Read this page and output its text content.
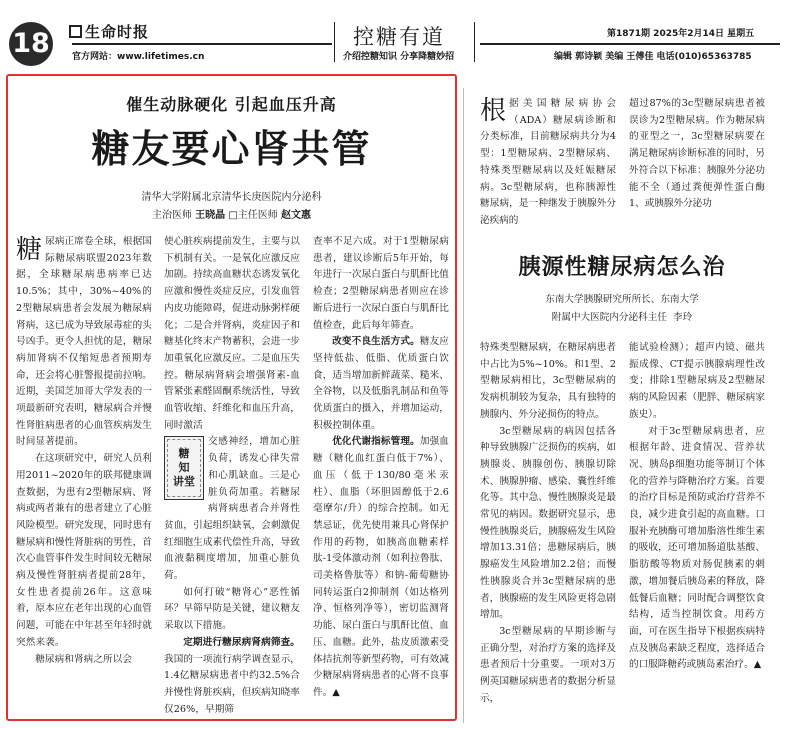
18	生命时报
官方网站：www.lifetimes.cn
控糖有道
介绍控糖知识 分享降糖妙招
第1871期 2025年2月14日 星期五
编辑 郭诗颖 美编 王傅佳 电话(010)65363785
催生动脉硬化 引起血压升高
糖友要心肾共管
清华大学附属北京清华长庚医院内分泌科
主治医师 王晓晶 □主任医师 赵文惠
糖尿病正席卷全球，根据国际糖尿病联盟2023年数据，全球糖尿病患病率已达10.5%；其中，30%~40%的2型糖尿病患者会发展为糖尿病肾病，这已成为导致尿毒症的头号凶手。更令人担忧的是，糖尿病加肾病不仅缩短患者预期寿命，还会将心脏警报提前拉响。近期，美国芝加哥大学发表的一项最新研究表明，糖尿病合并慢性肾脏病患者的心血管疾病发生时间显著提前。
在这项研究中，研究人员利用2011~2020年的联邦健康调查数据，为患有2型糖尿病、肾病或两者兼有的患者建立了心脏风险模型。研究发现，同时患有糖尿病和慢性肾脏病的男性，首次心血管事件发生时间较无糖尿病及慢性肾脏病者提前28年，女性患者提前26年。这意味着，原本应在老年出现的心血管问题，可能在中年甚至年轻时就突然来袭。
糖尿病和肾病之所以会
使心脏疾病提前发生，主要与以下机制有关。一是氧化应激反应加剧。持续高血糖状态诱发氧化应激和慢性炎症反应，引发血管内皮功能障碍，促进动脉粥样硬化；二是合并肾病，炎症因子和糖基化终末产物蓄积，会进一步加重氧化应激反应。二是血压失控。糖尿病肾病会增强肾素-血管紧张素醛固酮系统活性，导致血管收缩、纤维化和血压升高，同时激活
糖
知
讲堂
交感神经，增加心脏负荷，诱发心律失常和心肌缺血。三是心脏负荷加重。若糖尿病肾病患者合并肾性贫血，引起组织缺氧，会刺激促红细胞生成素代偿性升高，导致血液黏稠度增加，加重心脏负荷。
如何打破“糖肾心”恶性循环？早筛早防是关键，建议糖友采取以下措施。
定期进行糖尿病肾病筛查。我国的一项流行病学调查显示，1.4亿糖尿病患者中约32.5%合并慢性肾脏疾病，但疾病知晓率仅26%，早期筛
查率不足六成。对于1型糖尿病患者，建议诊断后5年开始，每年进行一次尿白蛋白与肌酐比值检查；2型糖尿病患者则应在诊断后进行一次尿白蛋白与肌酐比值检查，此后每年筛查。
改变不良生活方式。糖友应坚持低盐、低脂、优质蛋白饮食，适当增加新鲜蔬菜、糙米、全谷物，以及低脂乳制品和鱼等优质蛋白的摄入，并增加运动，积极控制体重。
优化代谢指标管理。加强血糖（糖化血红蛋白低于7%）、血压（低于130/80毫米汞柱）、血脂（坏胆固醇低于2.6毫摩尔/升）的综合控制。如无禁忌证，优先使用兼具心肾保护作用的药物，如胰高血糖素样肽-1受体激动剂（如利拉鲁肽、司美格鲁肽等）和钠-葡萄糖协同转运蛋白2抑制剂（如达格列净、恒格列净等），密切监测肾功能、尿白蛋白与肌酐比值、血压、血糖。此外，盐皮质激素受体拮抗剂等新型药物，可有效减少糖尿病肾病患者的心肾不良事件。▲
根据美国糖尿病协会（ADA）糖尿病诊断和分类标准，目前糖尿病共分为4型：1型糖尿病、2型糖尿病、特殊类型糖尿病以及妊娠糖尿病。3c型糖尿病，也称胰源性糖尿病，是一种继发于胰腺外分泌疾病的
超过87%的3c型糖尿病患者被误诊为2型糖尿病。作为糖尿病的亚型之一，3c型糖尿病要在满足糖尿病诊断标准的同时，另外符合以下标准：胰腺外分泌功能不全（通过粪便弹性蛋白酶1、或胰腺外分泌功
胰源性糖尿病怎么治
东南大学胰腺研究所所长、东南大学
附属中大医院内分泌科主任 李玲
特殊类型糖尿病，在糖尿病患者中占比为5%~10%。和1型、2型糖尿病相比，3c型糖尿病的发病机制较为复杂，具有独特的胰腺内、外分泌损伤的特点。
3c型糖尿病的病因包括各种导致胰腺广泛损伤的疾病，如胰腺炎、胰腺创伤、胰腺切除术、胰腺肿瘤、感染、囊性纤维化等。其中急、慢性胰腺炎是最常见的病因。数据研究显示，患慢性胰腺炎后，胰腺癌发生风险增加13.31倍；患糖尿病后，胰腺癌发生风险增加2.2倍；而慢性胰腺炎合并3c型糖尿病的患者，胰腺癌的发生风险更将急剧增加。
3c型糖尿病的早期诊断与正确分型，对治疗方案的选择及患者预后十分重要。一项对3万例英国糖尿病患者的数据分析显示，
能试验检测）；超声内镜、磁共振成像、CT提示胰腺病理性改变；排除1型糖尿病及2型糖尿病的风险因素（肥胖、糖尿病家族史）。
对于3c型糖尿病患者，应根据年龄、进食情况、营养状况、胰岛β细胞功能等制订个体化的营养与降糖治疗方案。首要的治疗目标是预防或治疗营养不良，减少进食引起的高血糖。口服补充胰酶可增加脂溶性维生素的吸收，还可增加肠道肽基酸、脂肪酸等物质对肠促胰素的刺激，增加餐后胰岛素的释放，降低餐后血糖；同时配合调整饮食结构，适当控制饮食。用药方面，可在医生指导下根据疾病特点及胰岛素缺乏程度，选择适合的口服降糖药或胰岛素治疗。▲
